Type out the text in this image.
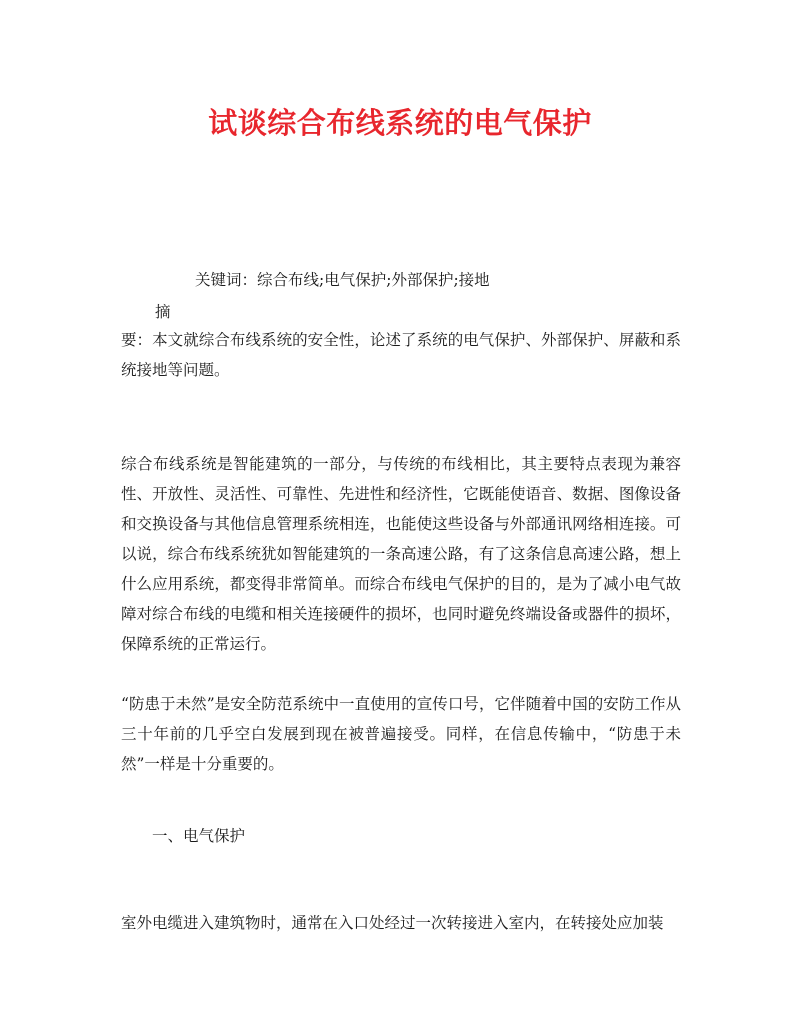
试谈综合布线系统的电气保护

关键词：综合布线;电气保护;外部保护;接地

摘

要：本文就综合布线系统的安全性，论述了系统的电气保护、外部保护、屏蔽和系统接地等问题。

综合布线系统是智能建筑的一部分，与传统的布线相比，其主要特点表现为兼容性、开放性、灵活性、可靠性、先进性和经济性，它既能使语音、数据、图像设备和交换设备与其他信息管理系统相连，也能使这些设备与外部通讯网络相连接。可以说，综合布线系统犹如智能建筑的一条高速公路，有了这条信息高速公路，想上什么应用系统，都变得非常简单。而综合布线电气保护的目的，是为了减小电气故障对综合布线的电缆和相关连接硬件的损坏，也同时避免终端设备或器件的损坏，保障系统的正常运行。

“防患于未然”是安全防范系统中一直使用的宣传口号，它伴随着中国的安防工作从三十年前的几乎空白发展到现在被普遍接受。同样，在信息传输中，“防患于未然”一样是十分重要的。

一、电气保护

室外电缆进入建筑物时，通常在入口处经过一次转接进入室内，在转接处应加装
